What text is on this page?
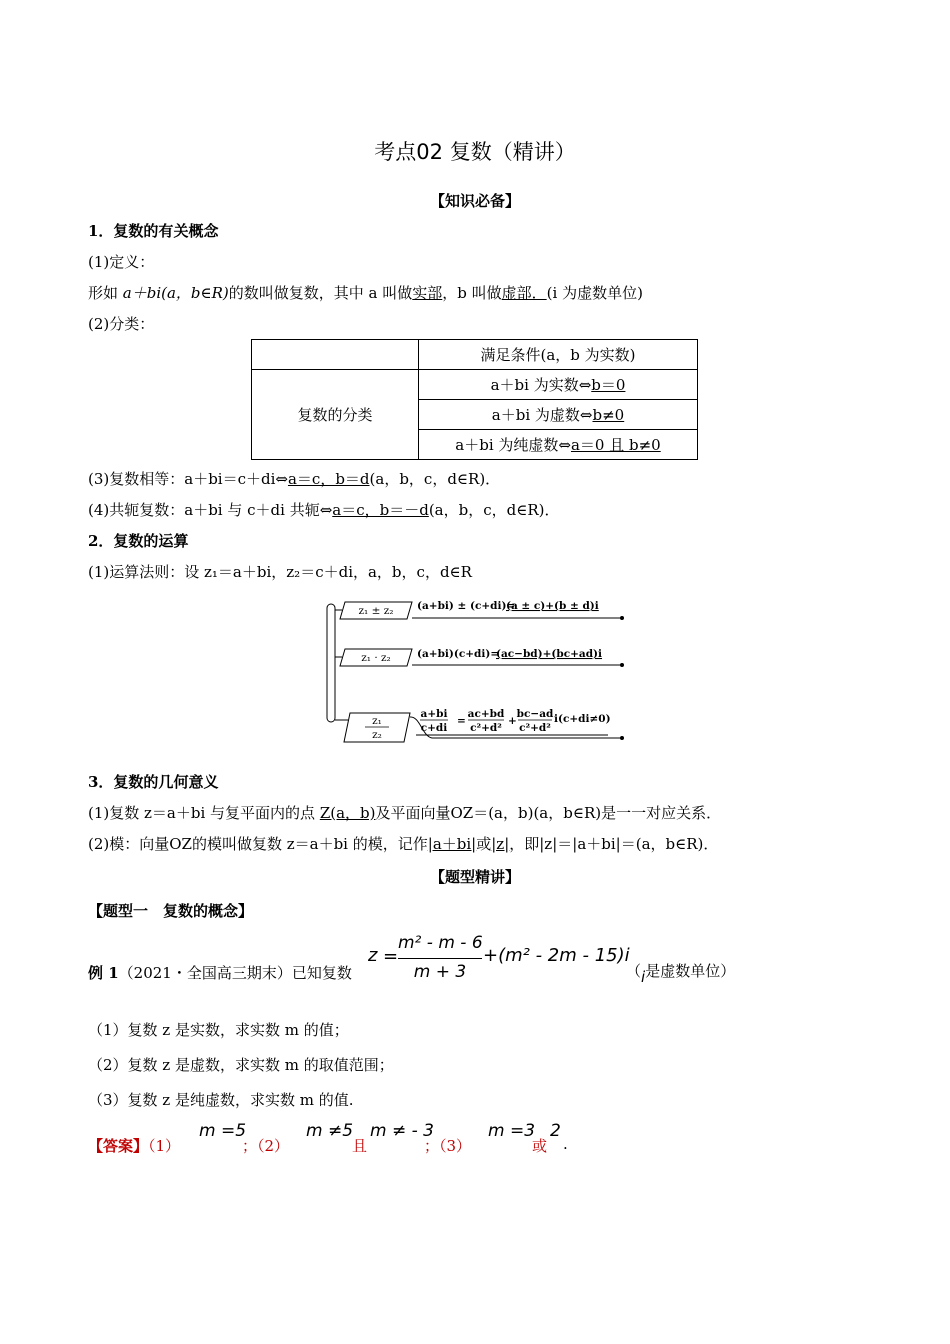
考点02 复数（精讲）
【知识必备】
1．复数的有关概念
(1)定义：
形如 a＋bi(a，b∈R)的数叫做复数，其中 a 叫做实部，b 叫做虚部．(i 为虚数单位)
(2)分类：
	满足条件(a，b 为实数)
复数的分类	a＋bi 为实数⇔b＝0
	a＋bi 为虚数⇔b≠0
	a＋bi 为纯虚数⇔a＝0 且 b≠0
(3)复数相等：a＋bi＝c＋di⇔a＝c，b＝d(a，b，c，d∈R)．
(4)共轭复数：a＋bi 与 c＋di 共轭⇔a＝c，b＝－d(a，b，c，d∈R)．
2．复数的运算
(1)运算法则：设 z₁＝a＋bi，z₂＝c＋di，a，b，c，d∈R
z₁ ± z₂ (a+bi) ± (c+di)=
(a ± c)+(b ± d)i
z₁ · z₂	(a+bi)(c+di)=
(ac−bd)+(bc+ad)i
z₁
z₂
a+bi
c+di
=
ac+bd
c²+d²
+
bc−ad
c²+d²
i(c+di≠0)
3．复数的几何意义
(1)复数 z＝a＋bi 与复平面内的点 Z(a，b)及平面向量OZ＝(a，b)(a，b∈R)是一一对应关系．
(2)模：向量OZ的模叫做复数 z＝a＋bi 的模，记作|a＋bi|或|z|，即|z|＝|a＋bi|＝(a，b∈R)．
【题型精讲】
【题型一　复数的概念】
例 1（2021・全国高三期末）已知复数
z =
m² - m - 6
m + 3
+(m² - 2m - 15)i
（i是虚数单位）
（1）复数 z 是实数，求实数 m 的值；
（2）复数 z 是虚数，求实数 m 的取值范围；
（3）复数 z 是纯虚数，求实数 m 的值.
【答案】（1）
m =5
；（2）
m ≠5
且
m ≠ - 3
；（3）
m =3
或
2
.
